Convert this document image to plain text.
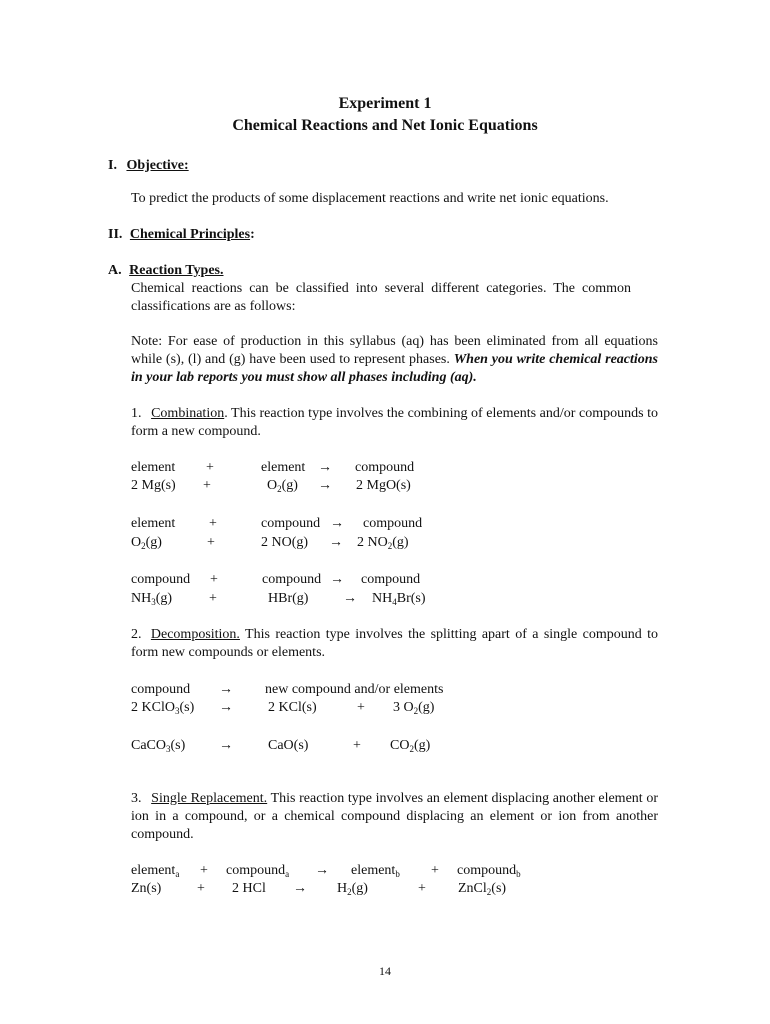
Experiment 1
Chemical Reactions and Net Ionic Equations
I. Objective:
To predict the products of some displacement reactions and write net ionic equations.
II. Chemical Principles:
A. Reaction Types.
Chemical reactions can be classified into several different categories. The common classifications are as follows:
Note: For ease of production in this syllabus (aq) has been eliminated from all equations while (s), (l) and (g) have been used to represent phases. When you write chemical reactions in your lab reports you must show all phases including (aq).
1. Combination. This reaction type involves the combining of elements and/or compounds to form a new compound.
element +	element → compound
2 Mg(s) +	$O_2(g) \to 2$ MgO(s)
element +	compound → compound
$O_2(g)$	+	2 NO(g) → 2 $NO_2(g)$
compound +	compound → compound
$NH_3(g)$	+	$HBr(g) \to NH_4Br(s)$
2. Decomposition. This reaction type involves the splitting apart of a single compound to form new compounds or elements.
compound → new compound and/or elements
2 KClO$_3$(s) →	2 KCl(s)	+ 3 $O_2(g)$
CaCO$_3$(s) →	CaO(s)	+ $CO_2(g)$
3. Single Replacement. This reaction type involves an element displacing another element or ion in a compound, or a chemical compound displacing an element or ion from another compound.
element$_a$ + compound$_a$ → element$_b$ + compound$_b$
Zn(s)	+ 2 HCl → $H_2(g)$	+ ZnCl$_2$(s)
14
